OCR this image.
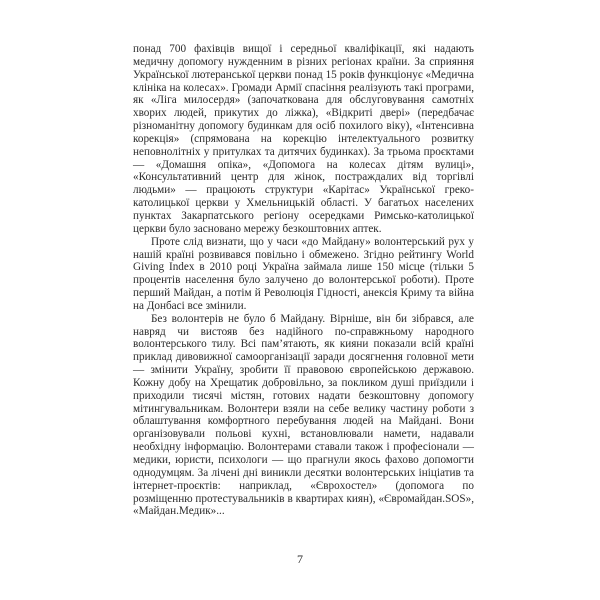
понад 700 фахівців вищої і середньої кваліфікації, які надають медичну допомогу нужденним в різних регіонах країни. За сприяння Української лютеранської церкви понад 15 років функціонує «Медична клініка на колесах». Громади Армії спасіння реалізують такі програми, як «Ліга милосердя» (започаткована для обслуговування самотніх хворих людей, прикутих до ліжка), «Відкриті двері» (передбачає різноманітну допомогу будинкам для осіб похилого віку), «Інтенсивна корекція» (спрямована на корекцію інтелектуального розвитку неповнолітніх у притулках та дитячих будинках). За трьома проєктами — «Домашня опіка», «Допомога на колесах дітям вулиці», «Консультативний центр для жінок, постраждалих від торгівлі людьми» — працюють структури «Карітас» Української греко-католицької церкви у Хмельницькій області. У багатьох населених пунктах Закарпатського регіону осередками Римсько-католицької церкви було засновано мережу безкоштовних аптек.

Проте слід визнати, що у часи «до Майдану» волонтерський рух у нашій країні розвивався повільно і обмежено. Згідно рейтингу World Giving Index в 2010 році Україна займала лише 150 місце (тільки 5 процентів населення було залучено до волонтерської роботи). Проте перший Майдан, а потім й Революція Гідності, анексія Криму та війна на Донбасі все змінили.

Без волонтерів не було б Майдану. Вірніше, він би зібрався, але навряд чи вистояв без надійного по-справжньому народного волонтерського тилу. Всі пам’ятають, як кияни показали всій країні приклад дивовижної самоорганізації заради досягнення головної мети — змінити Україну, зробити її правовою європейською державою. Кожну добу на Хрещатик добровільно, за покликом душі приїздили і приходили тисячі містян, готових надати безкоштовну допомогу мітингувальникам. Волонтери взяли на себе велику частину роботи з облаштування комфортного перебування людей на Майдані. Вони організовували польові кухні, встановлювали намети, надавали необхідну інформацію. Волонтерами ставали також і професіонали — медики, юристи, психологи — що прагнули якось фахово допомогти однодумцям. За лічені дні виникли десятки волонтерських ініціатив та інтернет-проєктів: наприклад, «Євроxостел» (допомога по розміщенню протестувальників в квартирах киян), «Євромайдан.SOS», «Майдан.Медик»...

7
